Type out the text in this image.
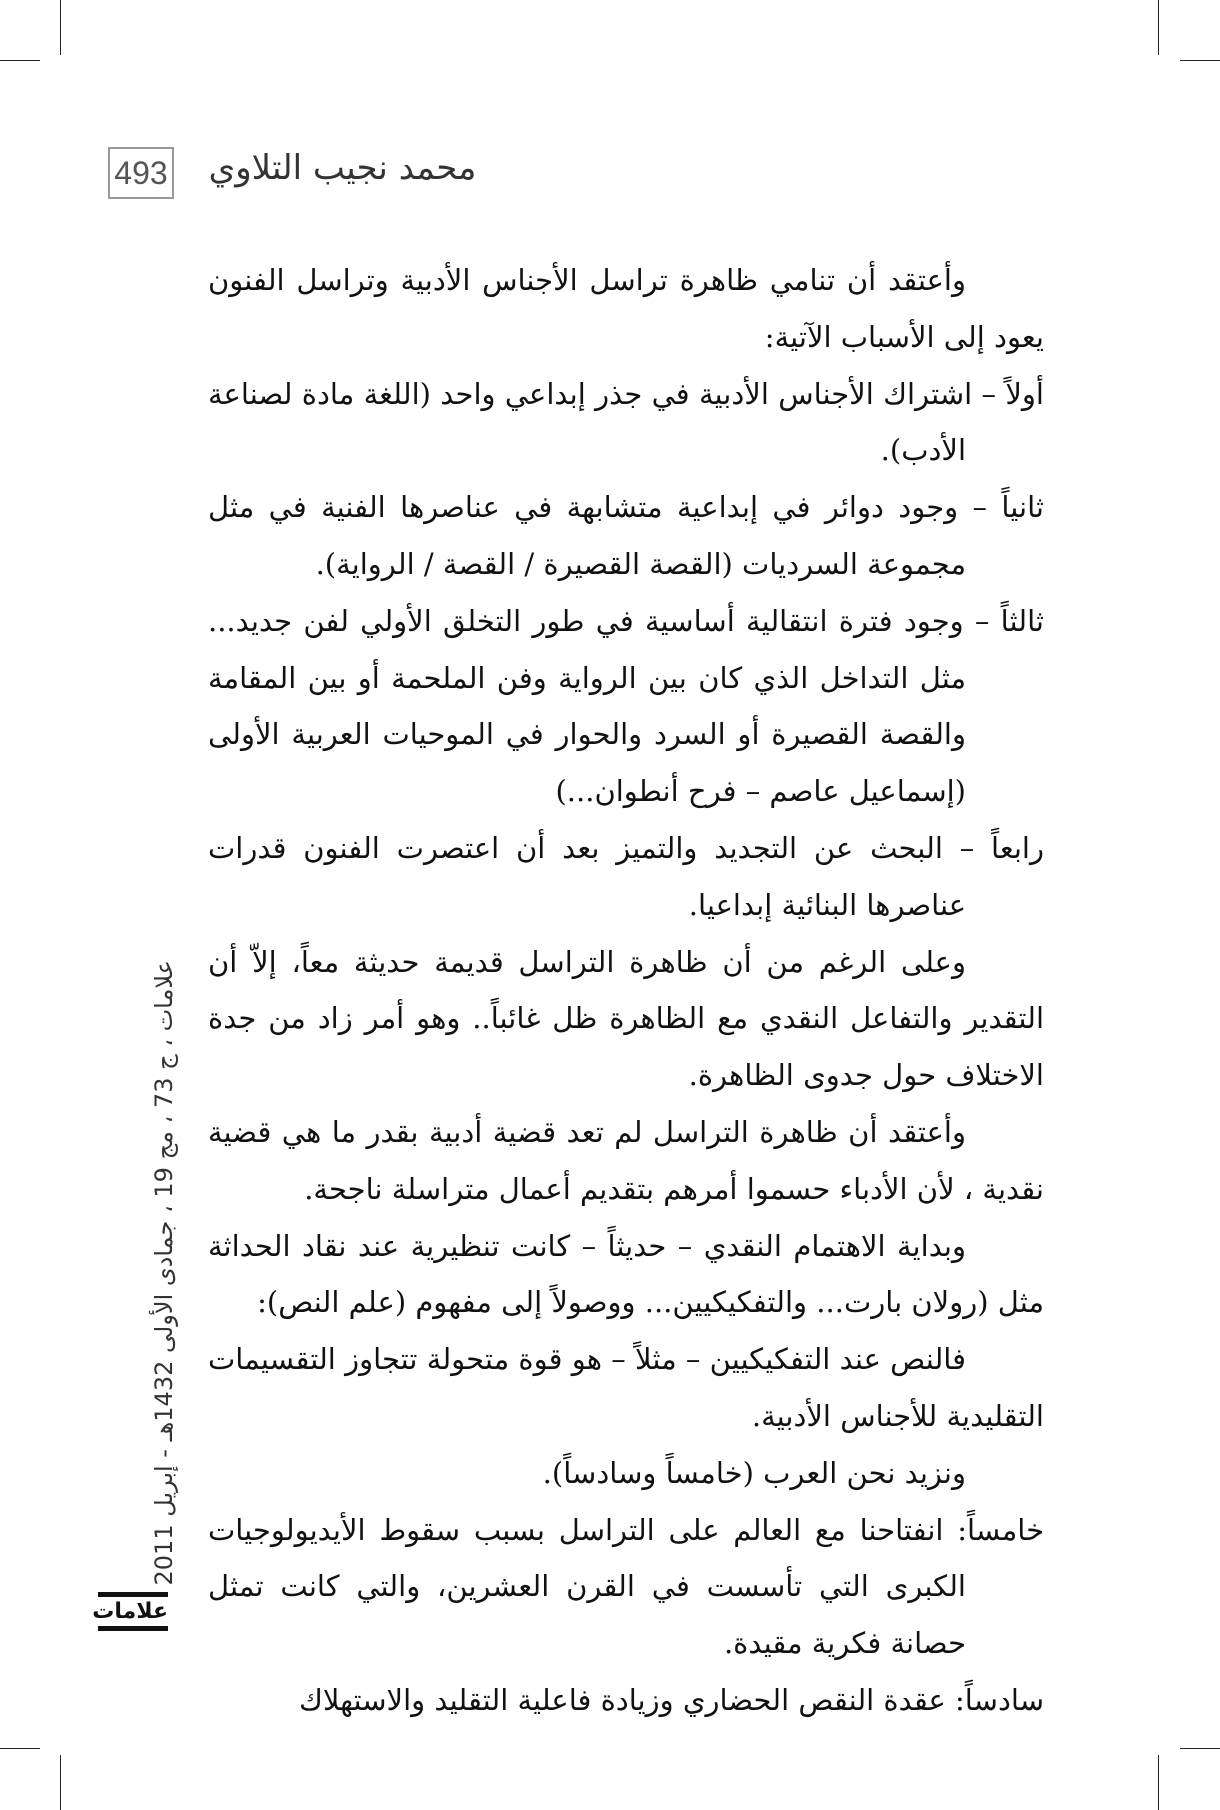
493 محمد نجيب التلاوي

وأعتقد أن تنامي ظاهرة تراسل الأجناس الأدبية وتراسل الفنون يعود إلى الأسباب الآتية:

أولاً – اشتراك الأجناس الأدبية في جذر إبداعي واحد (اللغة مادة لصناعة الأدب).

ثانياً – وجود دوائر في إبداعية متشابهة في عناصرها الفنية في مثل مجموعة السرديات (القصة القصيرة / القصة / الرواية).

ثالثاً – وجود فترة انتقالية أساسية في طور التخلق الأولي لفن جديد... مثل التداخل الذي كان بين الرواية وفن الملحمة أو بين المقامة والقصة القصيرة أو السرد والحوار في الموحيات العربية الأولى (إسماعيل عاصم – فرح أنطوان...)

رابعاً – البحث عن التجديد والتميز بعد أن اعتصرت الفنون قدرات عناصرها البنائية إبداعيا.

وعلى الرغم من أن ظاهرة التراسل قديمة حديثة معاً، إلاّ أن التقدير والتفاعل النقدي مع الظاهرة ظل غائباً.. وهو أمر زاد من جدة الاختلاف حول جدوى الظاهرة.

وأعتقد أن ظاهرة التراسل لم تعد قضية أدبية بقدر ما هي قضية نقدية ، لأن الأدباء حسموا أمرهم بتقديم أعمال متراسلة ناجحة.

وبداية الاهتمام النقدي – حديثاً – كانت تنظيرية عند نقاد الحداثة مثل (رولان بارت... والتفكيكيين... ووصولاً إلى مفهوم (علم النص):

فالنص عند التفكيكيين – مثلاً – هو قوة متحولة تتجاوز التقسيمات التقليدية للأجناس الأدبية.

ونزيد نحن العرب (خامساً وسادساً).

خامساً: انفتاحنا مع العالم على التراسل بسبب سقوط الأيديولوجيات الكبرى التي تأسست في القرن العشرين، والتي كانت تمثل حصانة فكرية مقيدة.

سادساً: عقدة النقص الحضاري وزيادة فاعلية التقليد والاستهلاك

علامات ، ج 73 ، مج 19 ، جمادى الأولى 1432هـ - إبريل 2011
علامات
